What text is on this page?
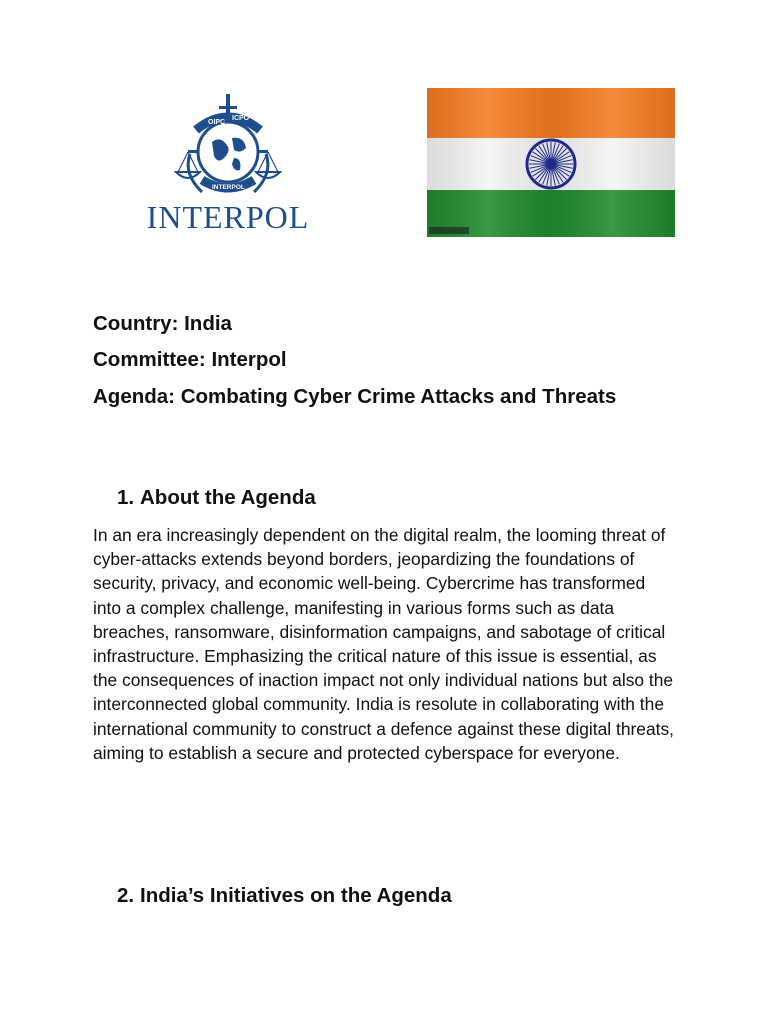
OIPC
ICPO
INTERPOL
INTERPOL
Country: India
Committee: Interpol
Agenda: Combating Cyber Crime Attacks and Threats
1. About the Agenda

In an era increasingly dependent on the digital realm, the looming threat of cyber-attacks extends beyond borders, jeopardizing the foundations of security, privacy, and economic well-being. Cybercrime has transformed into a complex challenge, manifesting in various forms such as data breaches, ransomware, disinformation campaigns, and sabotage of critical infrastructure. Emphasizing the critical nature of this issue is essential, as the consequences of inaction impact not only individual nations but also the interconnected global community. India is resolute in collaborating with the international community to construct a defence against these digital threats, aiming to establish a secure and protected cyberspace for everyone.

2. India’s Initiatives on the Agenda
